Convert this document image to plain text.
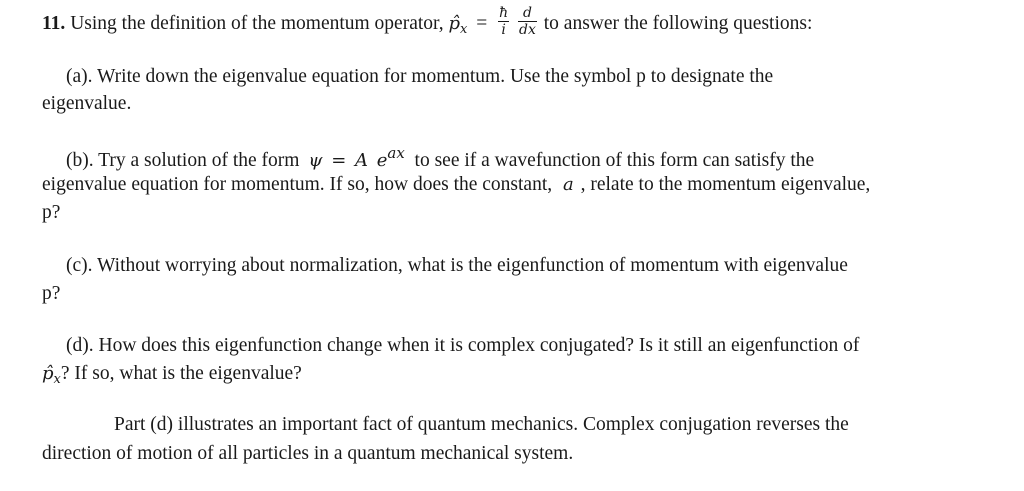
11. Using the definition of the momentum operator, $p̂_x = \frac{ħ}{i}$
$\frac{d}{dx}$ to answer the following questions:
(a). Write down the eigenvalue equation for momentum. Use the symbol p to designate the
eigenvalue.
(b). Try a solution of the form ψ = A $e^{ax}$ to see if a wavefunction of this form can satisfy the
eigenvalue equation for momentum. If so, how does the constant, a , relate to the momentum eigenvalue,
p?
(c). Without worrying about normalization, what is the eigenfunction of momentum with eigenvalue
p?
(d). How does this eigenfunction change when it is complex conjugated? Is it still an eigenfunction of
$p̂_x$? If so, what is the eigenvalue?
Part (d) illustrates an important fact of quantum mechanics. Complex conjugation reverses the
direction of motion of all particles in a quantum mechanical system.
